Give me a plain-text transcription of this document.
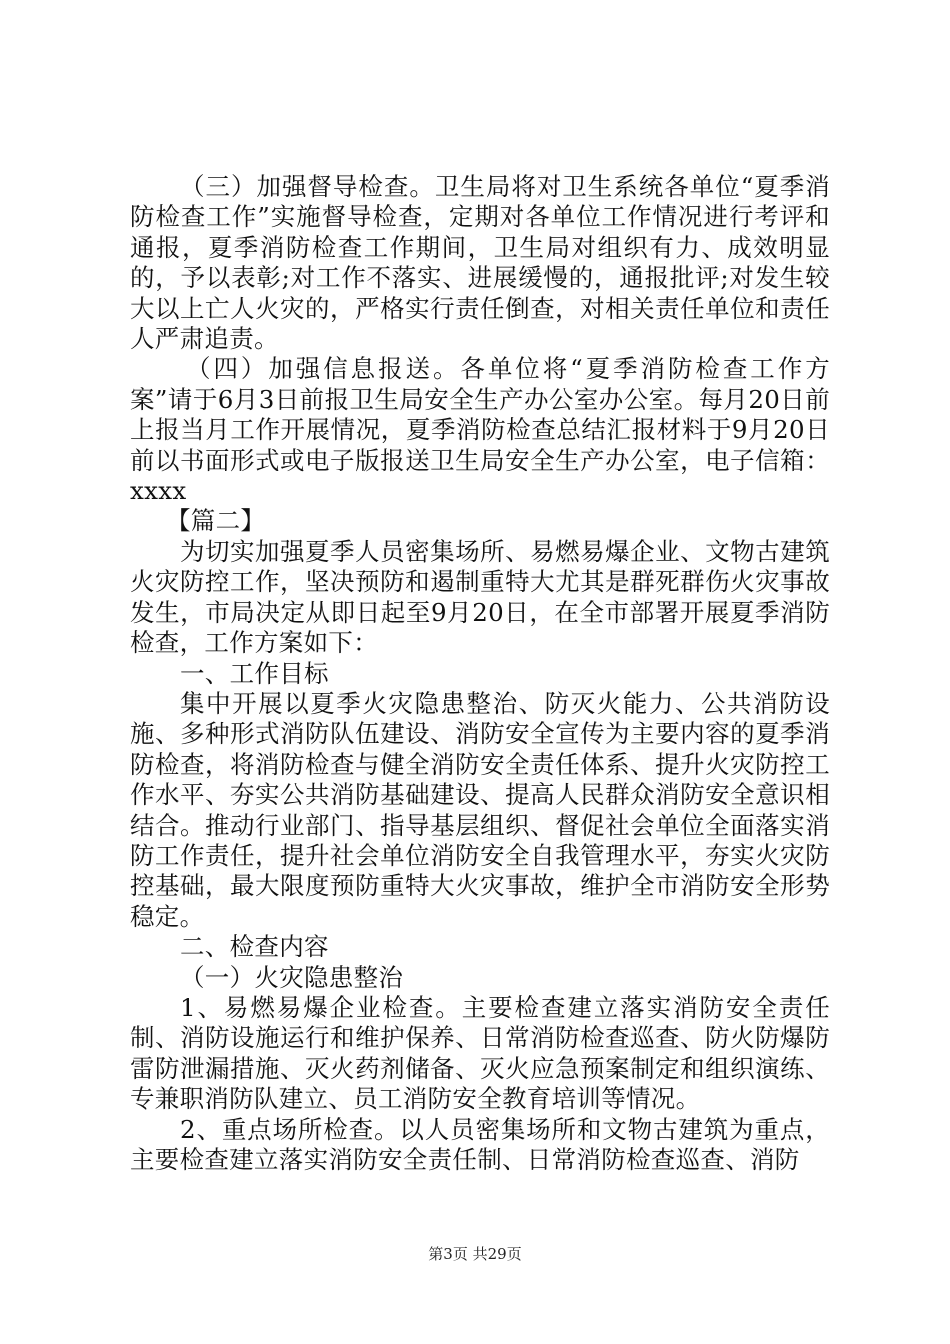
（三）加强督导检查。卫生局将对卫生系统各单位“夏季消防检查工作”实施督导检查，定期对各单位工作情况进行考评和通报，夏季消防检查工作期间，卫生局对组织有力、成效明显的，予以表彰;对工作不落实、进展缓慢的，通报批评;对发生较大以上亡人火灾的，严格实行责任倒查，对相关责任单位和责任人严肃追责。

（四）加强信息报送。各单位将“夏季消防检查工作方案”请于6月3日前报卫生局安全生产办公室办公室。每月20日前上报当月工作开展情况，夏季消防检查总结汇报材料于9月20日前以书面形式或电子版报送卫生局安全生产办公室，电子信箱：xxxx

【篇二】

为切实加强夏季人员密集场所、易燃易爆企业、文物古建筑火灾防控工作，坚决预防和遏制重特大尤其是群死群伤火灾事故发生，市局决定从即日起至9月20日，在全市部署开展夏季消防检查，工作方案如下：

一、工作目标

集中开展以夏季火灾隐患整治、防灭火能力、公共消防设施、多种形式消防队伍建设、消防安全宣传为主要内容的夏季消防检查，将消防检查与健全消防安全责任体系、提升火灾防控工作水平、夯实公共消防基础建设、提高人民群众消防安全意识相结合。推动行业部门、指导基层组织、督促社会单位全面落实消防工作责任，提升社会单位消防安全自我管理水平，夯实火灾防控基础，最大限度预防重特大火灾事故，维护全市消防安全形势稳定。

二、检查内容

（一）火灾隐患整治

1、易燃易爆企业检查。主要检查建立落实消防安全责任制、消防设施运行和维护保养、日常消防检查巡查、防火防爆防雷防泄漏措施、灭火药剂储备、灭火应急预案制定和组织演练、专兼职消防队建立、员工消防安全教育培训等情况。

2、重点场所检查。以人员密集场所和文物古建筑为重点，主要检查建立落实消防安全责任制、日常消防检查巡查、消防

第3页 共29页
